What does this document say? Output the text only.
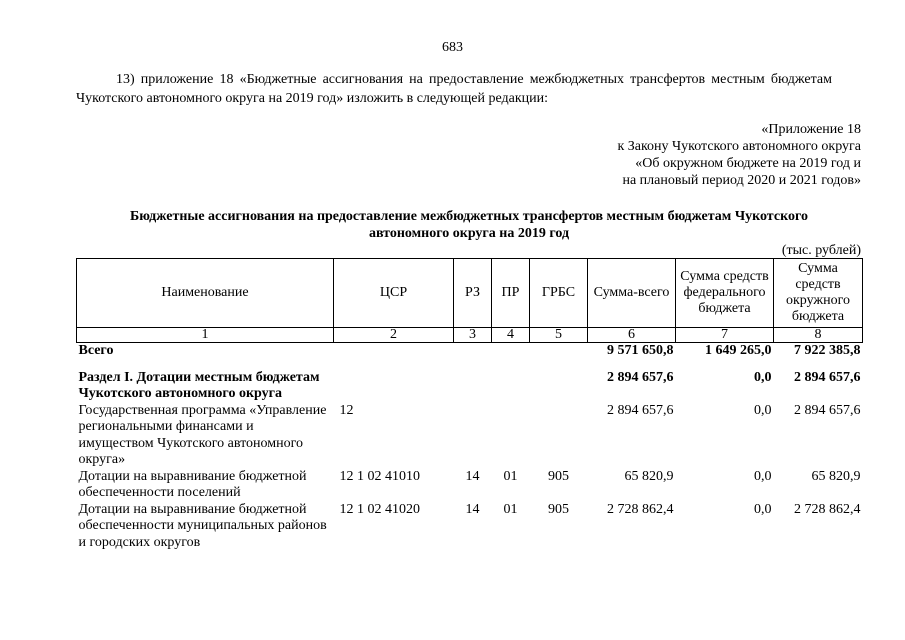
683
13) приложение 18 «Бюджетные ассигнования на предоставление межбюджетных трансфертов местным бюджетам Чукотского автономного округа на 2019 год» изложить в следующей редакции:
«Приложение 18
к Закону Чукотского автономного округа
«Об окружном бюджете на 2019 год и
на плановый период 2020 и 2021 годов»
Бюджетные ассигнования на предоставление межбюджетных трансфертов местным бюджетам Чукотского
автономного округа на 2019 год
(тыс. рублей)
Наименование	ЦСР	РЗ	ПР	ГРБС	Сумма-всего	Сумма средств федерального бюджета	Сумма средств окружного бюджета
1	2	3	4	5	6	7	8
Всего					9 571 650,8	1 649 265,0	7 922 385,8
Раздел I. Дотации местным бюджетам Чукотского автономного округа					2 894 657,6	0,0	2 894 657,6
Государственная программа «Управление региональными финансами и имуществом Чукотского автономного округа»	12				2 894 657,6	0,0	2 894 657,6
Дотации на выравнивание бюджетной обеспеченности поселений	12 1 02 41010	14	01	905	65 820,9	0,0	65 820,9
Дотации на выравнивание бюджетной обеспеченности муниципальных районов и городских округов	12 1 02 41020	14	01	905	2 728 862,4	0,0	2 728 862,4
